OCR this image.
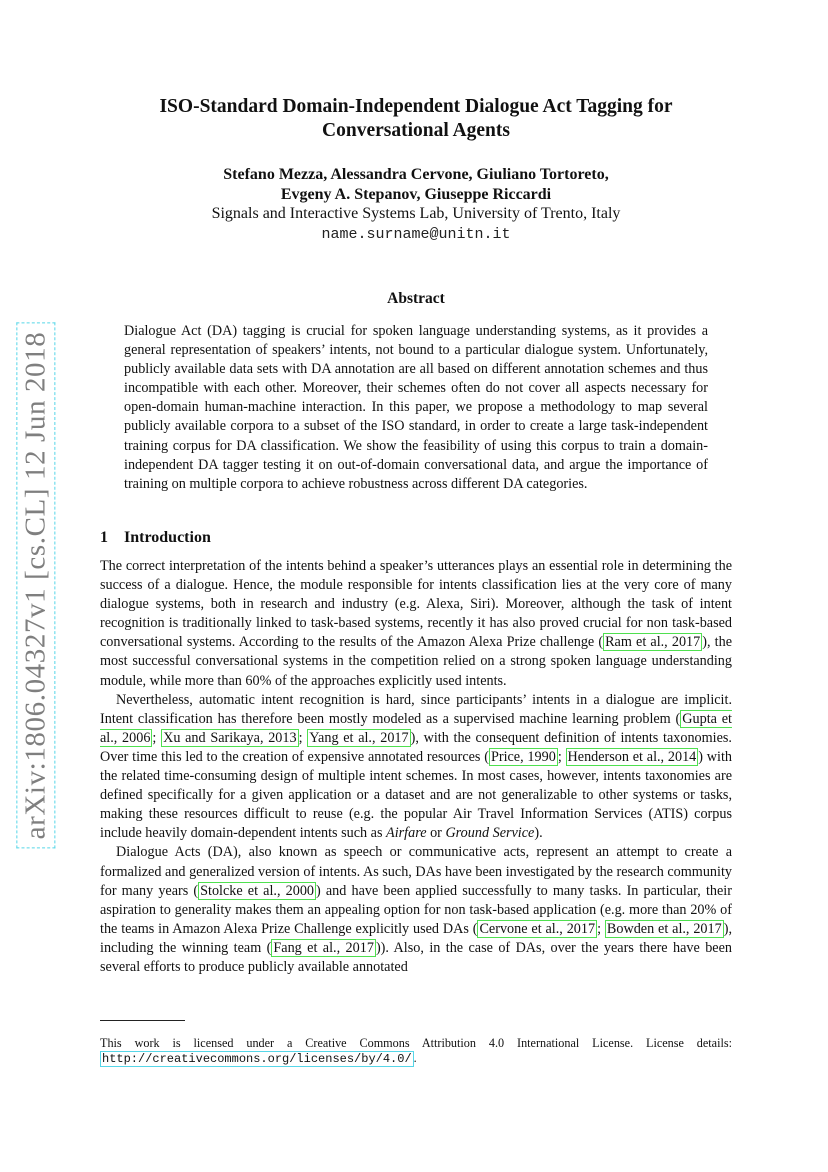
arXiv:1806.04327v1 [cs.CL] 12 Jun 2018
ISO-Standard Domain-Independent Dialogue Act Tagging for Conversational Agents
Stefano Mezza, Alessandra Cervone, Giuliano Tortoreto,
Evgeny A. Stepanov, Giuseppe Riccardi
Signals and Interactive Systems Lab, University of Trento, Italy
name.surname@unitn.it
Abstract
Dialogue Act (DA) tagging is crucial for spoken language understanding systems, as it provides a general representation of speakers’ intents, not bound to a particular dialogue system. Unfortunately, publicly available data sets with DA annotation are all based on different annotation schemes and thus incompatible with each other. Moreover, their schemes often do not cover all aspects necessary for open-domain human-machine interaction. In this paper, we propose a methodology to map several publicly available corpora to a subset of the ISO standard, in order to create a large task-independent training corpus for DA classification. We show the feasibility of using this corpus to train a domain-independent DA tagger testing it on out-of-domain conversational data, and argue the importance of training on multiple corpora to achieve robustness across different DA categories.
1 Introduction

The correct interpretation of the intents behind a speaker’s utterances plays an essential role in determining the success of a dialogue. Hence, the module responsible for intents classification lies at the very core of many dialogue systems, both in research and industry (e.g. Alexa, Siri). Moreover, although the task of intent recognition is traditionally linked to task-based systems, recently it has also proved crucial for non task-based conversational systems. According to the results of the Amazon Alexa Prize challenge ( Ram et al., 2017 ), the most successful conversational systems in the competition relied on a strong spoken language understanding module, while more than 60% of the approaches explicitly used intents.

Nevertheless, automatic intent recognition is hard, since participants’ intents in a dialogue are implicit. Intent classification has therefore been mostly modeled as a supervised machine learning problem ( Gupta et al., 2006 ; Xu and Sarikaya, 2013 ; Yang et al., 2017 ), with the consequent definition of intents taxonomies. Over time this led to the creation of expensive annotated resources ( Price, 1990 ; Henderson et al., 2014 ) with the related time-consuming design of multiple intent schemes. In most cases, however, intents taxonomies are defined specifically for a given application or a dataset and are not generalizable to other systems or tasks, making these resources difficult to reuse (e.g. the popular Air Travel Information Services (ATIS) corpus include heavily domain-dependent intents such as Airfare or Ground Service).

Dialogue Acts (DA), also known as speech or communicative acts, represent an attempt to create a formalized and generalized version of intents. As such, DAs have been investigated by the research community for many years ( Stolcke et al., 2000 ) and have been applied successfully to many tasks. In particular, their aspiration to generality makes them an appealing option for non task-based application (e.g. more than 20% of the teams in Amazon Alexa Prize Challenge explicitly used DAs ( Cervone et al., 2017 ; Bowden et al., 2017 ), including the winning team ( Fang et al., 2017 )). Also, in the case of DAs, over the years there have been several efforts to produce publicly available annotated

This work is licensed under a Creative Commons Attribution 4.0 International License. License details: http://creativecommons.org/licenses/by/4.0/ .
